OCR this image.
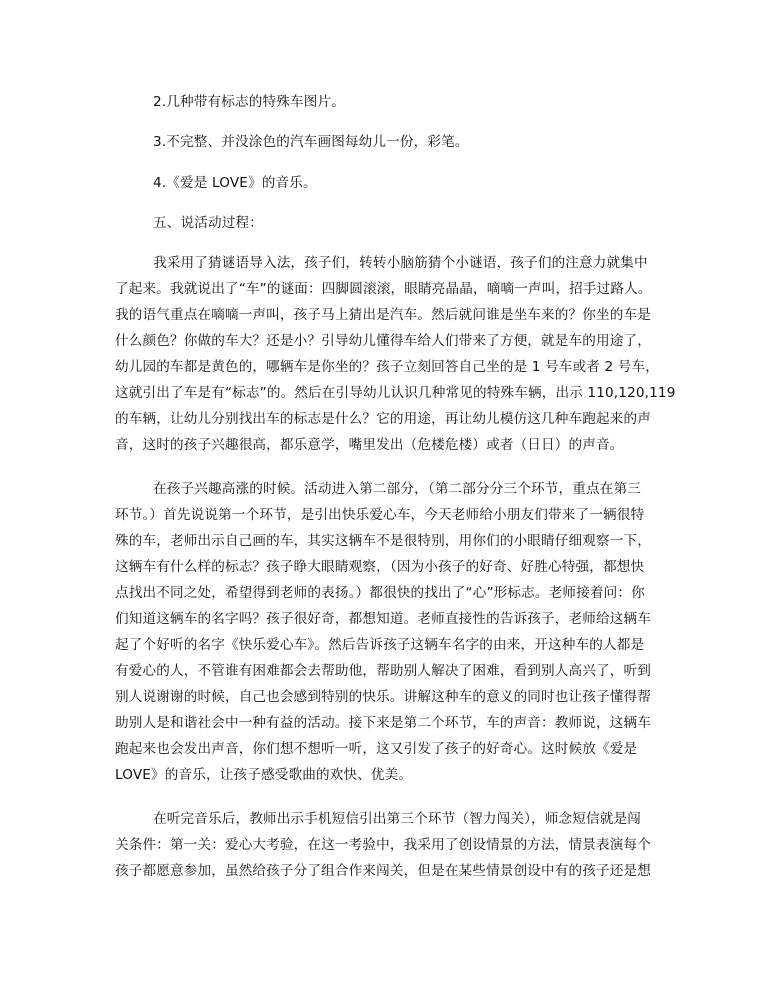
2.几种带有标志的特殊车图片。
3.不完整、并没涂色的汽车画图每幼儿一份，彩笔。
4.《爱是 LOVE》的音乐。
五、说活动过程：
我采用了猜谜语导入法，孩子们，转转小脑筋猜个小谜语，孩子们的注意力就集中
了起来。我就说出了“车”的谜面：四脚圆滚滚，眼睛亮晶晶，嘀嘀一声叫，招手过路人。
我的语气重点在嘀嘀一声叫，孩子马上猜出是汽车。然后就问谁是坐车来的？你坐的车是
什么颜色？你做的车大？还是小？引导幼儿懂得车给人们带来了方便，就是车的用途了，
幼儿园的车都是黄色的，哪辆车是你坐的？孩子立刻回答自己坐的是 1 号车或者 2 号车，
这就引出了车是有“标志”的。然后在引导幼儿认识几种常见的特殊车辆，出示 110,120,119
的车辆，让幼儿分别找出车的标志是什么？它的用途，再让幼儿模仿这几种车跑起来的声
音，这时的孩子兴趣很高，都乐意学，嘴里发出（危楼危楼）或者（日日）的声音。
在孩子兴趣高涨的时候。活动进入第二部分，（第二部分分三个环节，重点在第三
环节。）首先说说第一个环节，是引出快乐爱心车，今天老师给小朋友们带来了一辆很特
殊的车，老师出示自己画的车，其实这辆车不是很特别，用你们的小眼睛仔细观察一下，
这辆车有什么样的标志？孩子睁大眼睛观察，（因为小孩子的好奇、好胜心特强，都想快
点找出不同之处，希望得到老师的表扬。）都很快的找出了“心”形标志。老师接着问：你
们知道这辆车的名字吗？孩子很好奇，都想知道。老师直接性的告诉孩子，老师给这辆车
起了个好听的名字《快乐爱心车》。然后告诉孩子这辆车名字的由来，开这种车的人都是
有爱心的人，不管谁有困难都会去帮助他，帮助别人解决了困难，看到别人高兴了，听到
别人说谢谢的时候，自己也会感到特别的快乐。讲解这种车的意义的同时也让孩子懂得帮
助别人是和谐社会中一种有益的活动。接下来是第二个环节，车的声音：教师说，这辆车
跑起来也会发出声音，你们想不想听一听，这又引发了孩子的好奇心。这时候放《爱是
LOVE》的音乐，让孩子感受歌曲的欢快、优美。
在听完音乐后，教师出示手机短信引出第三个环节（智力闯关），师念短信就是闯
关条件：第一关：爱心大考验，在这一考验中，我采用了创设情景的方法，情景表演每个
孩子都愿意参加，虽然给孩子分了组合作来闯关，但是在某些情景创设中有的孩子还是想
